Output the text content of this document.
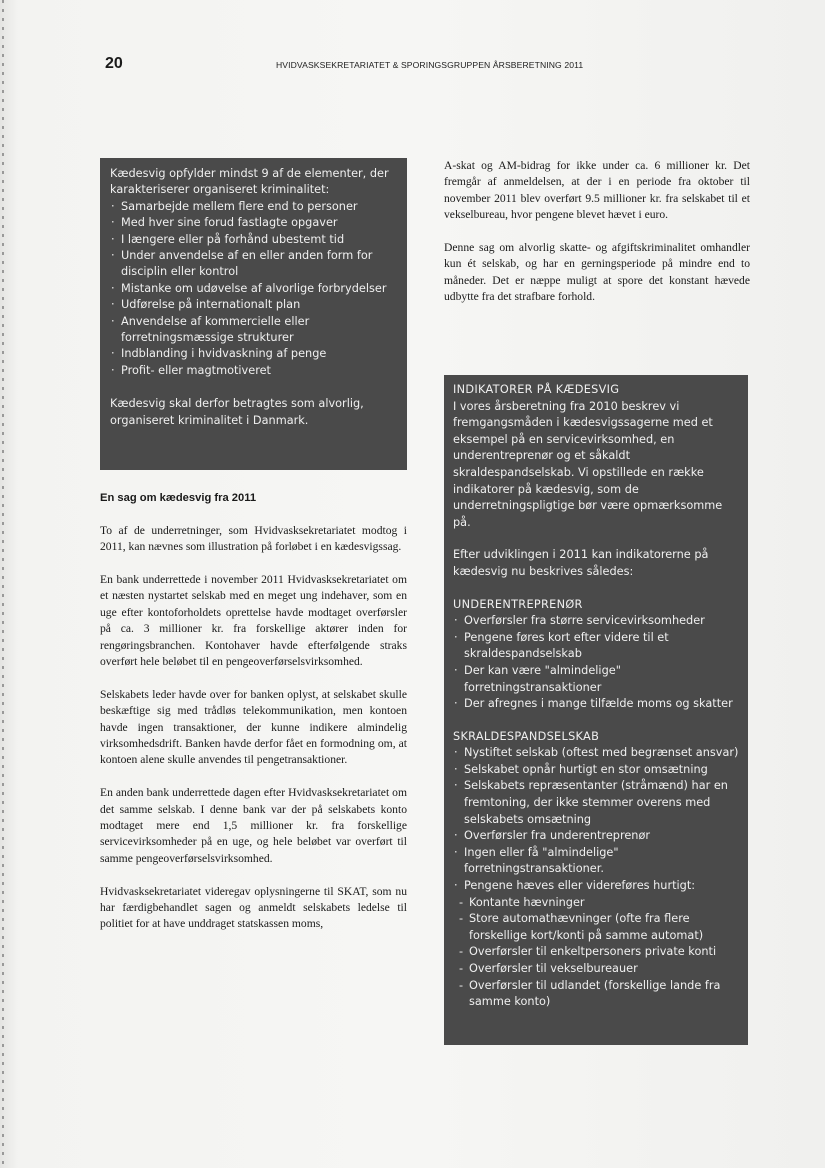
20	HVIDVASKSEKRETARIATET & SPORINGSGRUPPEN ÅRSBERETNING 2011

Kædesvig opfylder mindst 9 af de elementer, der karakteriserer organiseret kriminalitet:

· Samarbejde mellem flere end to personer
· Med hver sine forud fastlagte opgaver
· I længere eller på forhånd ubestemt tid
· Under anvendelse af en eller anden form for disciplin eller kontrol
· Mistanke om udøvelse af alvorlige forbrydelser
· Udførelse på internationalt plan
· Anvendelse af kommercielle eller forretningsmæssige strukturer
· Indblanding i hvidvaskning af penge
· Profit- eller magtmotiveret

Kædesvig skal derfor betragtes som alvorlig, organiseret kriminalitet i Danmark.

En sag om kædesvig fra 2011

To af de underretninger, som Hvidvasksekretariatet modtog i 2011, kan nævnes som illustration på forløbet i en kædesvigssag.

En bank underrettede i november 2011 Hvidvasksekretariatet om et næsten nystartet selskab med en meget ung indehaver, som en uge efter kontoforholdets oprettelse havde modtaget overførsler på ca. 3 millioner kr. fra forskellige aktører inden for rengøringsbranchen. Kontohaver havde efterfølgende straks overført hele beløbet til en pengeoverførselsvirksomhed.

Selskabets leder havde over for banken oplyst, at selskabet skulle beskæftige sig med trådløs telekommunikation, men kontoen havde ingen transaktioner, der kunne indikere almindelig virksomhedsdrift. Banken havde derfor fået en formodning om, at kontoen alene skulle anvendes til pengetransaktioner.

En anden bank underrettede dagen efter Hvidvasksekretariatet om det samme selskab. I denne bank var der på selskabets konto modtaget mere end 1,5 millioner kr. fra forskellige servicevirksomheder på en uge, og hele beløbet var overført til samme pengeoverførselsvirksomhed.

Hvidvasksekretariatet videregav oplysningerne til SKAT, som nu har færdigbehandlet sagen og anmeldt selskabets ledelse til politiet for at have unddraget statskassen moms,

A-skat og AM-bidrag for ikke under ca. 6 millioner kr. Det fremgår af anmeldelsen, at der i en periode fra oktober til november 2011 blev overført 9.5 millioner kr. fra selskabet til et vekselbureau, hvor pengene blevet hævet i euro.

Denne sag om alvorlig skatte- og afgiftskriminalitet omhandler kun ét selskab, og har en gerningsperiode på mindre end to måneder. Det er næppe muligt at spore det konstant hævede udbytte fra det strafbare forhold.

INDIKATORER PÅ KÆDESVIG

I vores årsberetning fra 2010 beskrev vi fremgangsmåden i kædesvigssagerne med et eksempel på en servicevirksomhed, en underentreprenør og et såkaldt skraldespandselskab. Vi opstillede en række indikatorer på kædesvig, som de underretningspligtige bør være opmærksomme på.

Efter udviklingen i 2011 kan indikatorerne på kædesvig nu beskrives således:

UNDERENTREPRENØR

· Overførsler fra større servicevirksomheder
· Pengene føres kort efter videre til et skraldespandselskab
· Der kan være "almindelige" forretningstransaktioner
· Der afregnes i mange tilfælde moms og skatter

SKRALDESPANDSELSKAB

· Nystiftet selskab (oftest med begrænset ansvar)
· Selskabet opnår hurtigt en stor omsætning
· Selskabets repræsentanter (stråmænd) har en fremtoning, der ikke stemmer overens med selskabets omsætning
· Overførsler fra underentreprenør
· Ingen eller få "almindelige" forretningstransaktioner.
· Pengene hæves eller videreføres hurtigt:
- Kontante hævninger
- Store automathævninger (ofte fra flere forskellige kort/konti på samme automat)
- Overførsler til enkeltpersoners private konti
- Overførsler til vekselbureauer
- Overførsler til udlandet (forskellige lande fra samme konto)
